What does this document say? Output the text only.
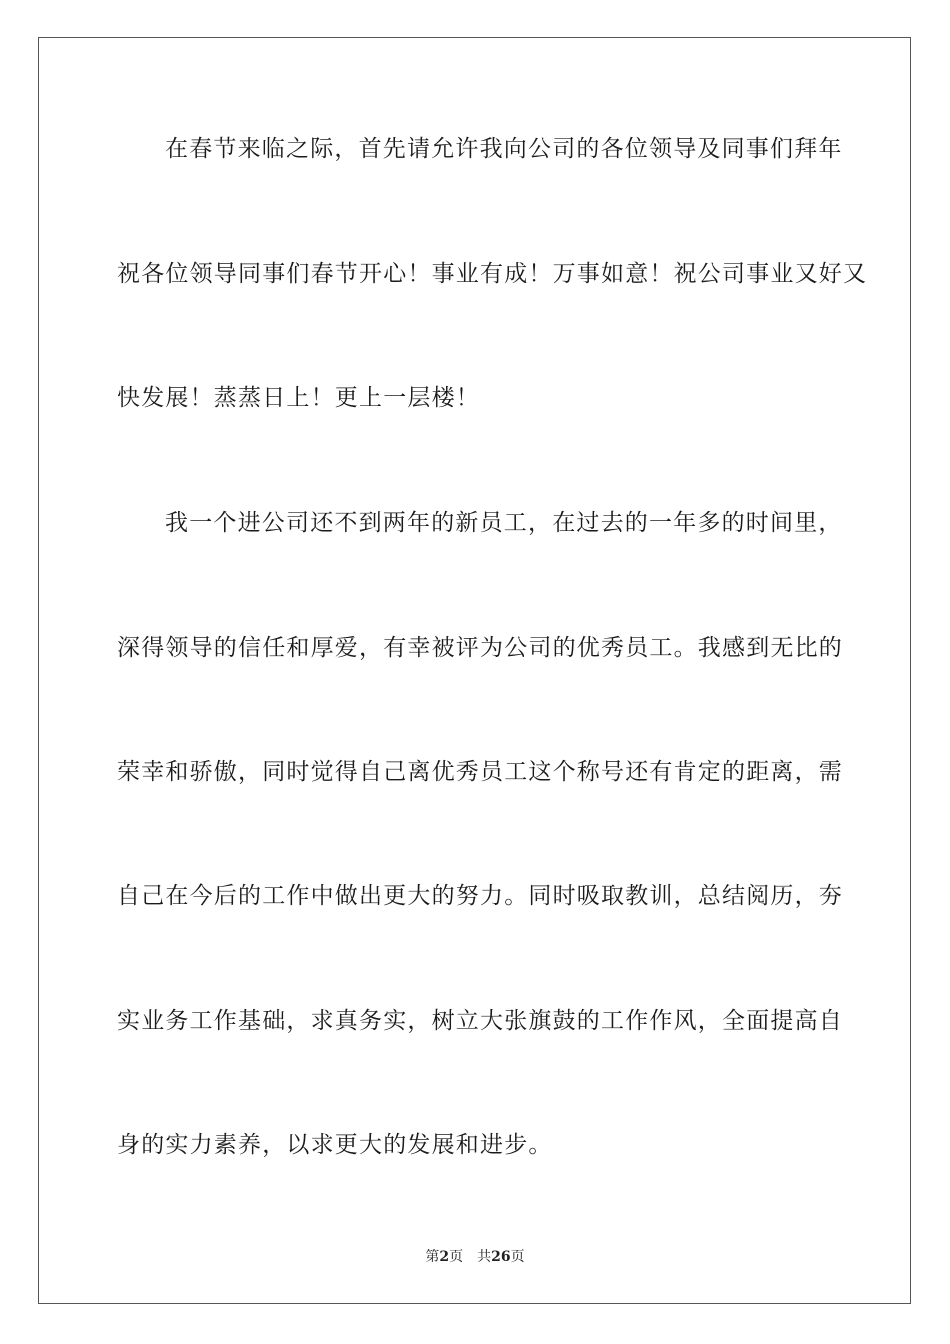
在春节来临之际，首先请允许我向公司的各位领导及同事们拜年
祝各位领导同事们春节开心！事业有成！万事如意！祝公司事业又好又
快发展！蒸蒸日上！更上一层楼！
我一个进公司还不到两年的新员工，在过去的一年多的时间里，
深得领导的信任和厚爱，有幸被评为公司的优秀员工。我感到无比的
荣幸和骄傲，同时觉得自己离优秀员工这个称号还有肯定的距离，需
自己在今后的工作中做出更大的努力。同时吸取教训，总结阅历，夯
实业务工作基础，求真务实，树立大张旗鼓的工作作风，全面提高自
身的实力素养，以求更大的发展和进步。
第2页 共26页
